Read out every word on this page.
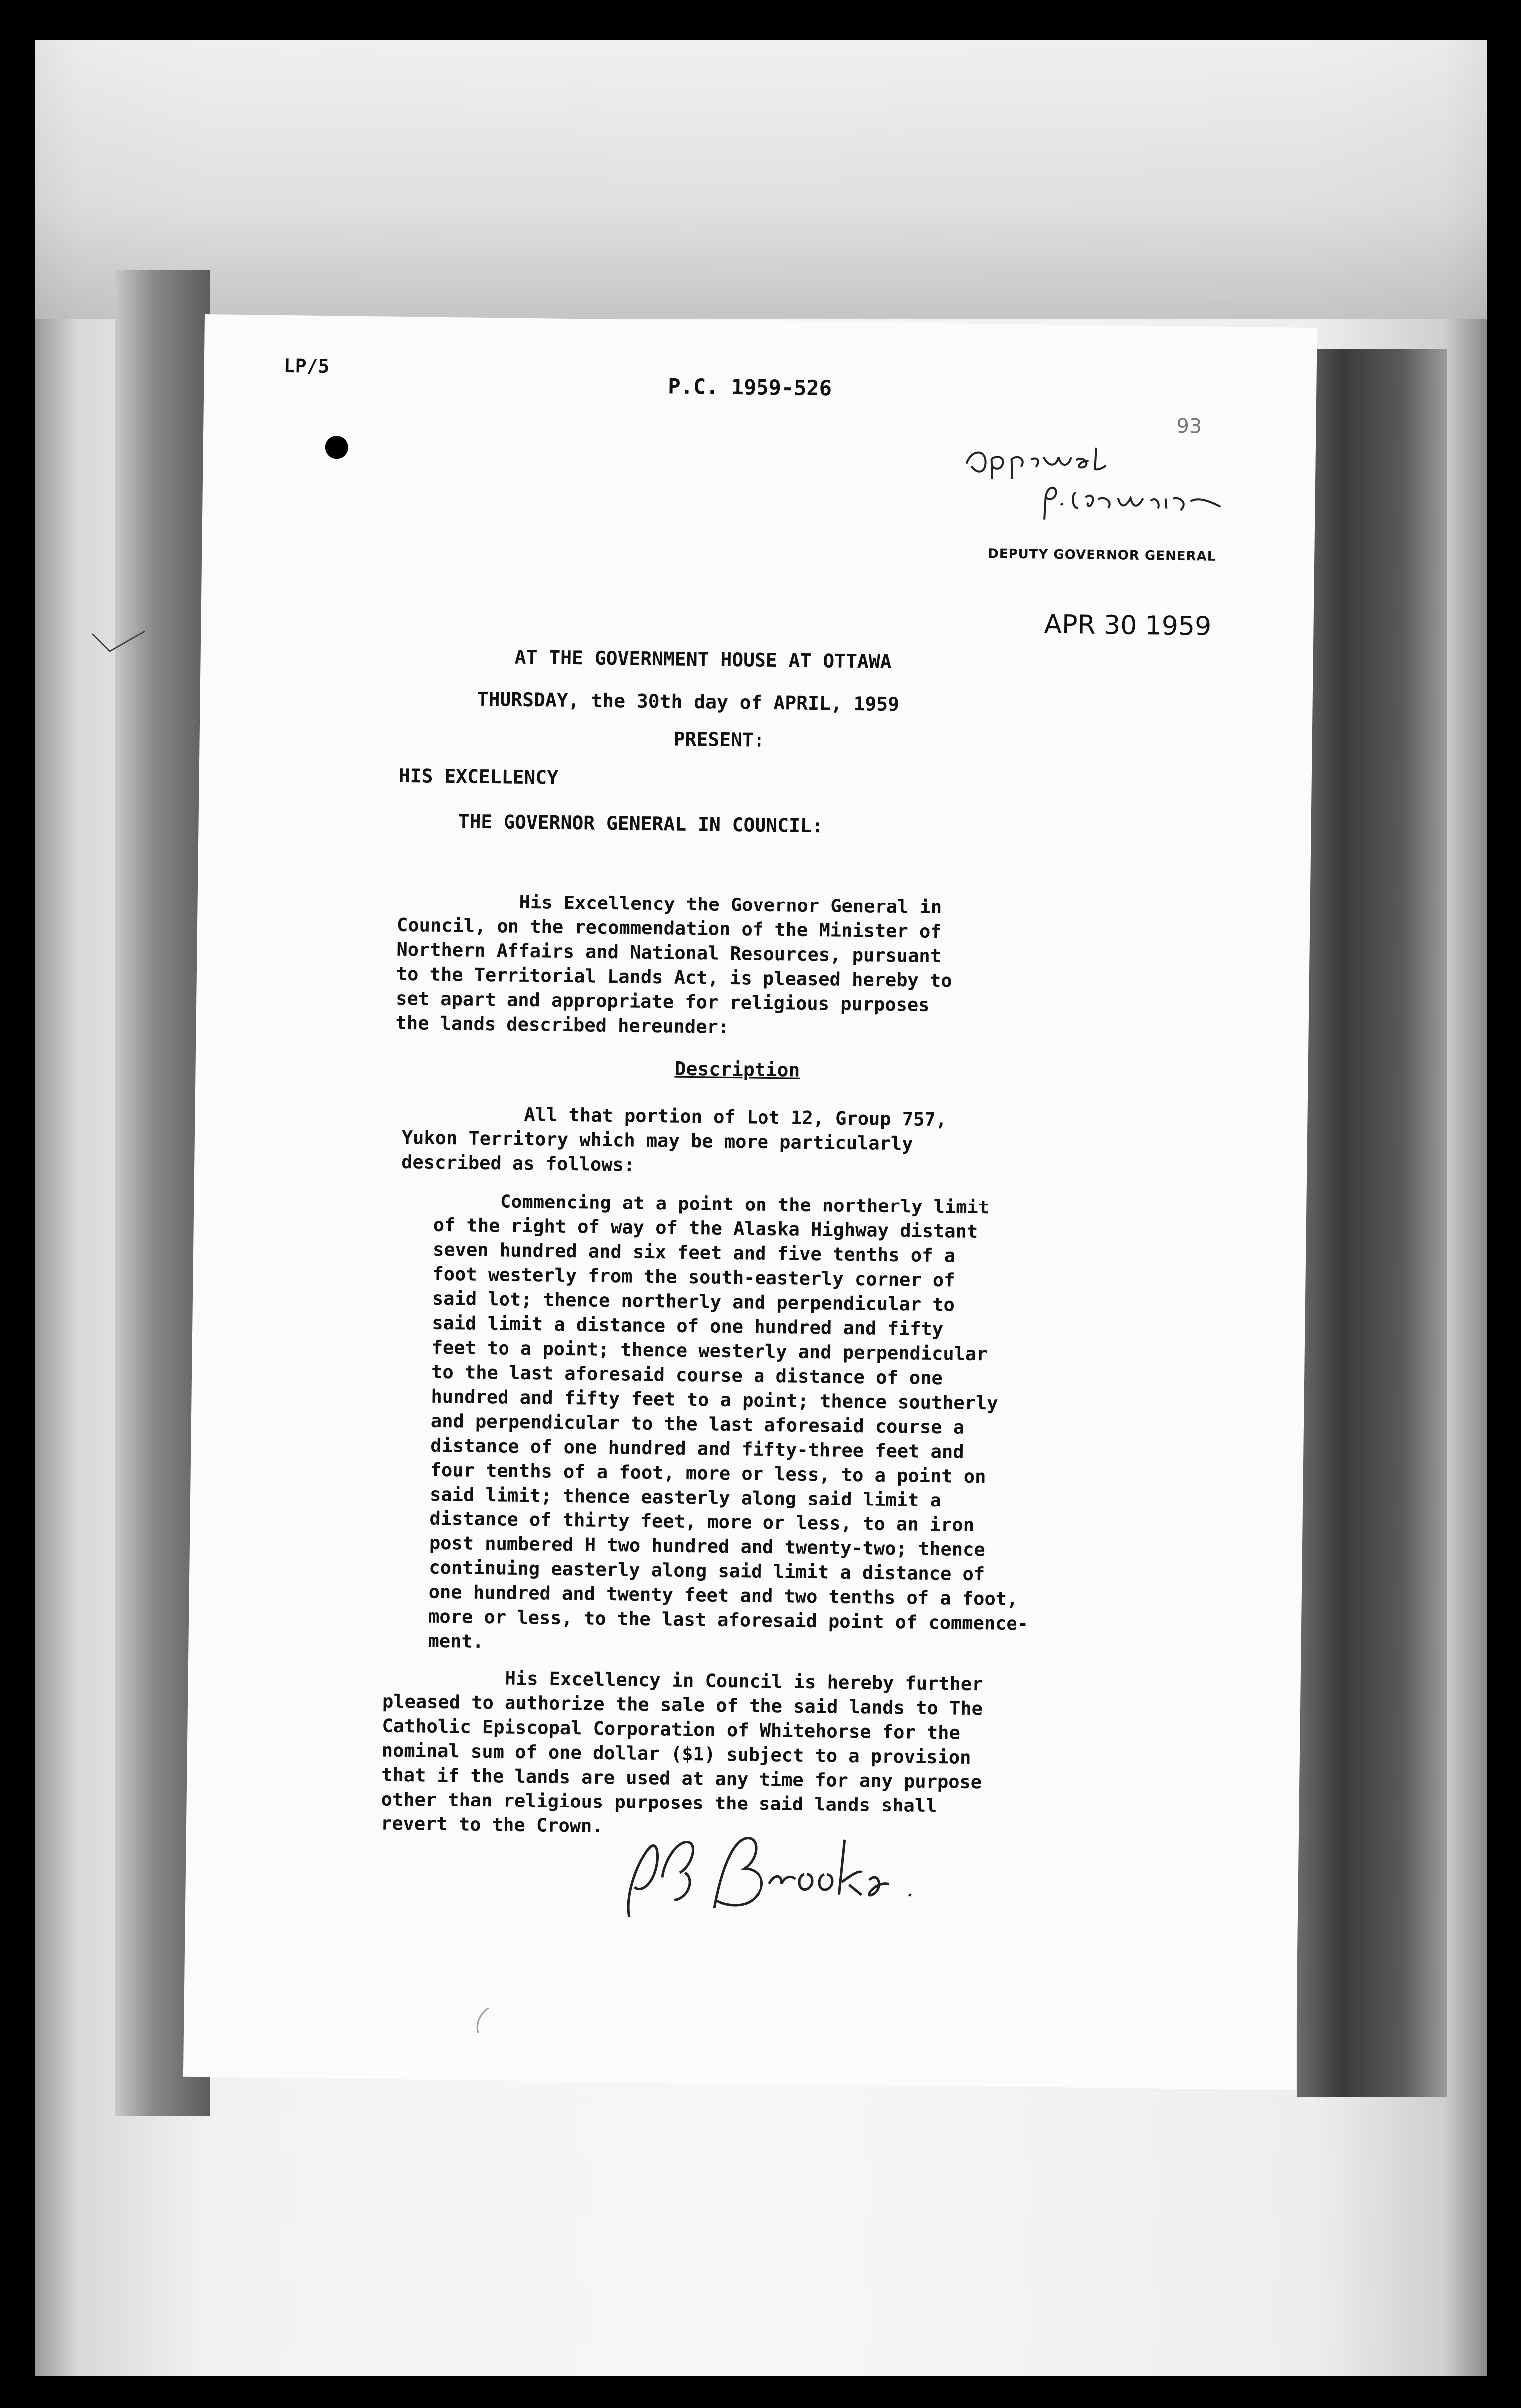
LP/5
P.C. 1959-526
93
DEPUTY GOVERNOR GENERAL
APR 30 1959
AT THE GOVERNMENT HOUSE AT OTTAWA
THURSDAY, the 30th day of APRIL, 1959
PRESENT:
HIS EXCELLENCY
THE GOVERNOR GENERAL IN COUNCIL:
His Excellency the Governor General in
Council, on the recommendation of the Minister of
Northern Affairs and National Resources, pursuant
to the Territorial Lands Act, is pleased hereby to
set apart and appropriate for religious purposes
the lands described hereunder:
Description
All that portion of Lot 12, Group 757,
Yukon Territory which may be more particularly
described as follows:
Commencing at a point on the northerly limit
of the right of way of the Alaska Highway distant
seven hundred and six feet and five tenths of a
foot westerly from the south-easterly corner of
said lot; thence northerly and perpendicular to
said limit a distance of one hundred and fifty
feet to a point; thence westerly and perpendicular
to the last aforesaid course a distance of one
hundred and fifty feet to a point; thence southerly
and perpendicular to the last aforesaid course a
distance of one hundred and fifty-three feet and
four tenths of a foot, more or less, to a point on
said limit; thence easterly along said limit a
distance of thirty feet, more or less, to an iron
post numbered H two hundred and twenty-two; thence
continuing easterly along said limit a distance of
one hundred and twenty feet and two tenths of a foot,
more or less, to the last aforesaid point of commence-
ment.
His Excellency in Council is hereby further
pleased to authorize the sale of the said lands to The
Catholic Episcopal Corporation of Whitehorse for the
nominal sum of one dollar ($1) subject to a provision
that if the lands are used at any time for any purpose
other than religious purposes the said lands shall
revert to the Crown.
